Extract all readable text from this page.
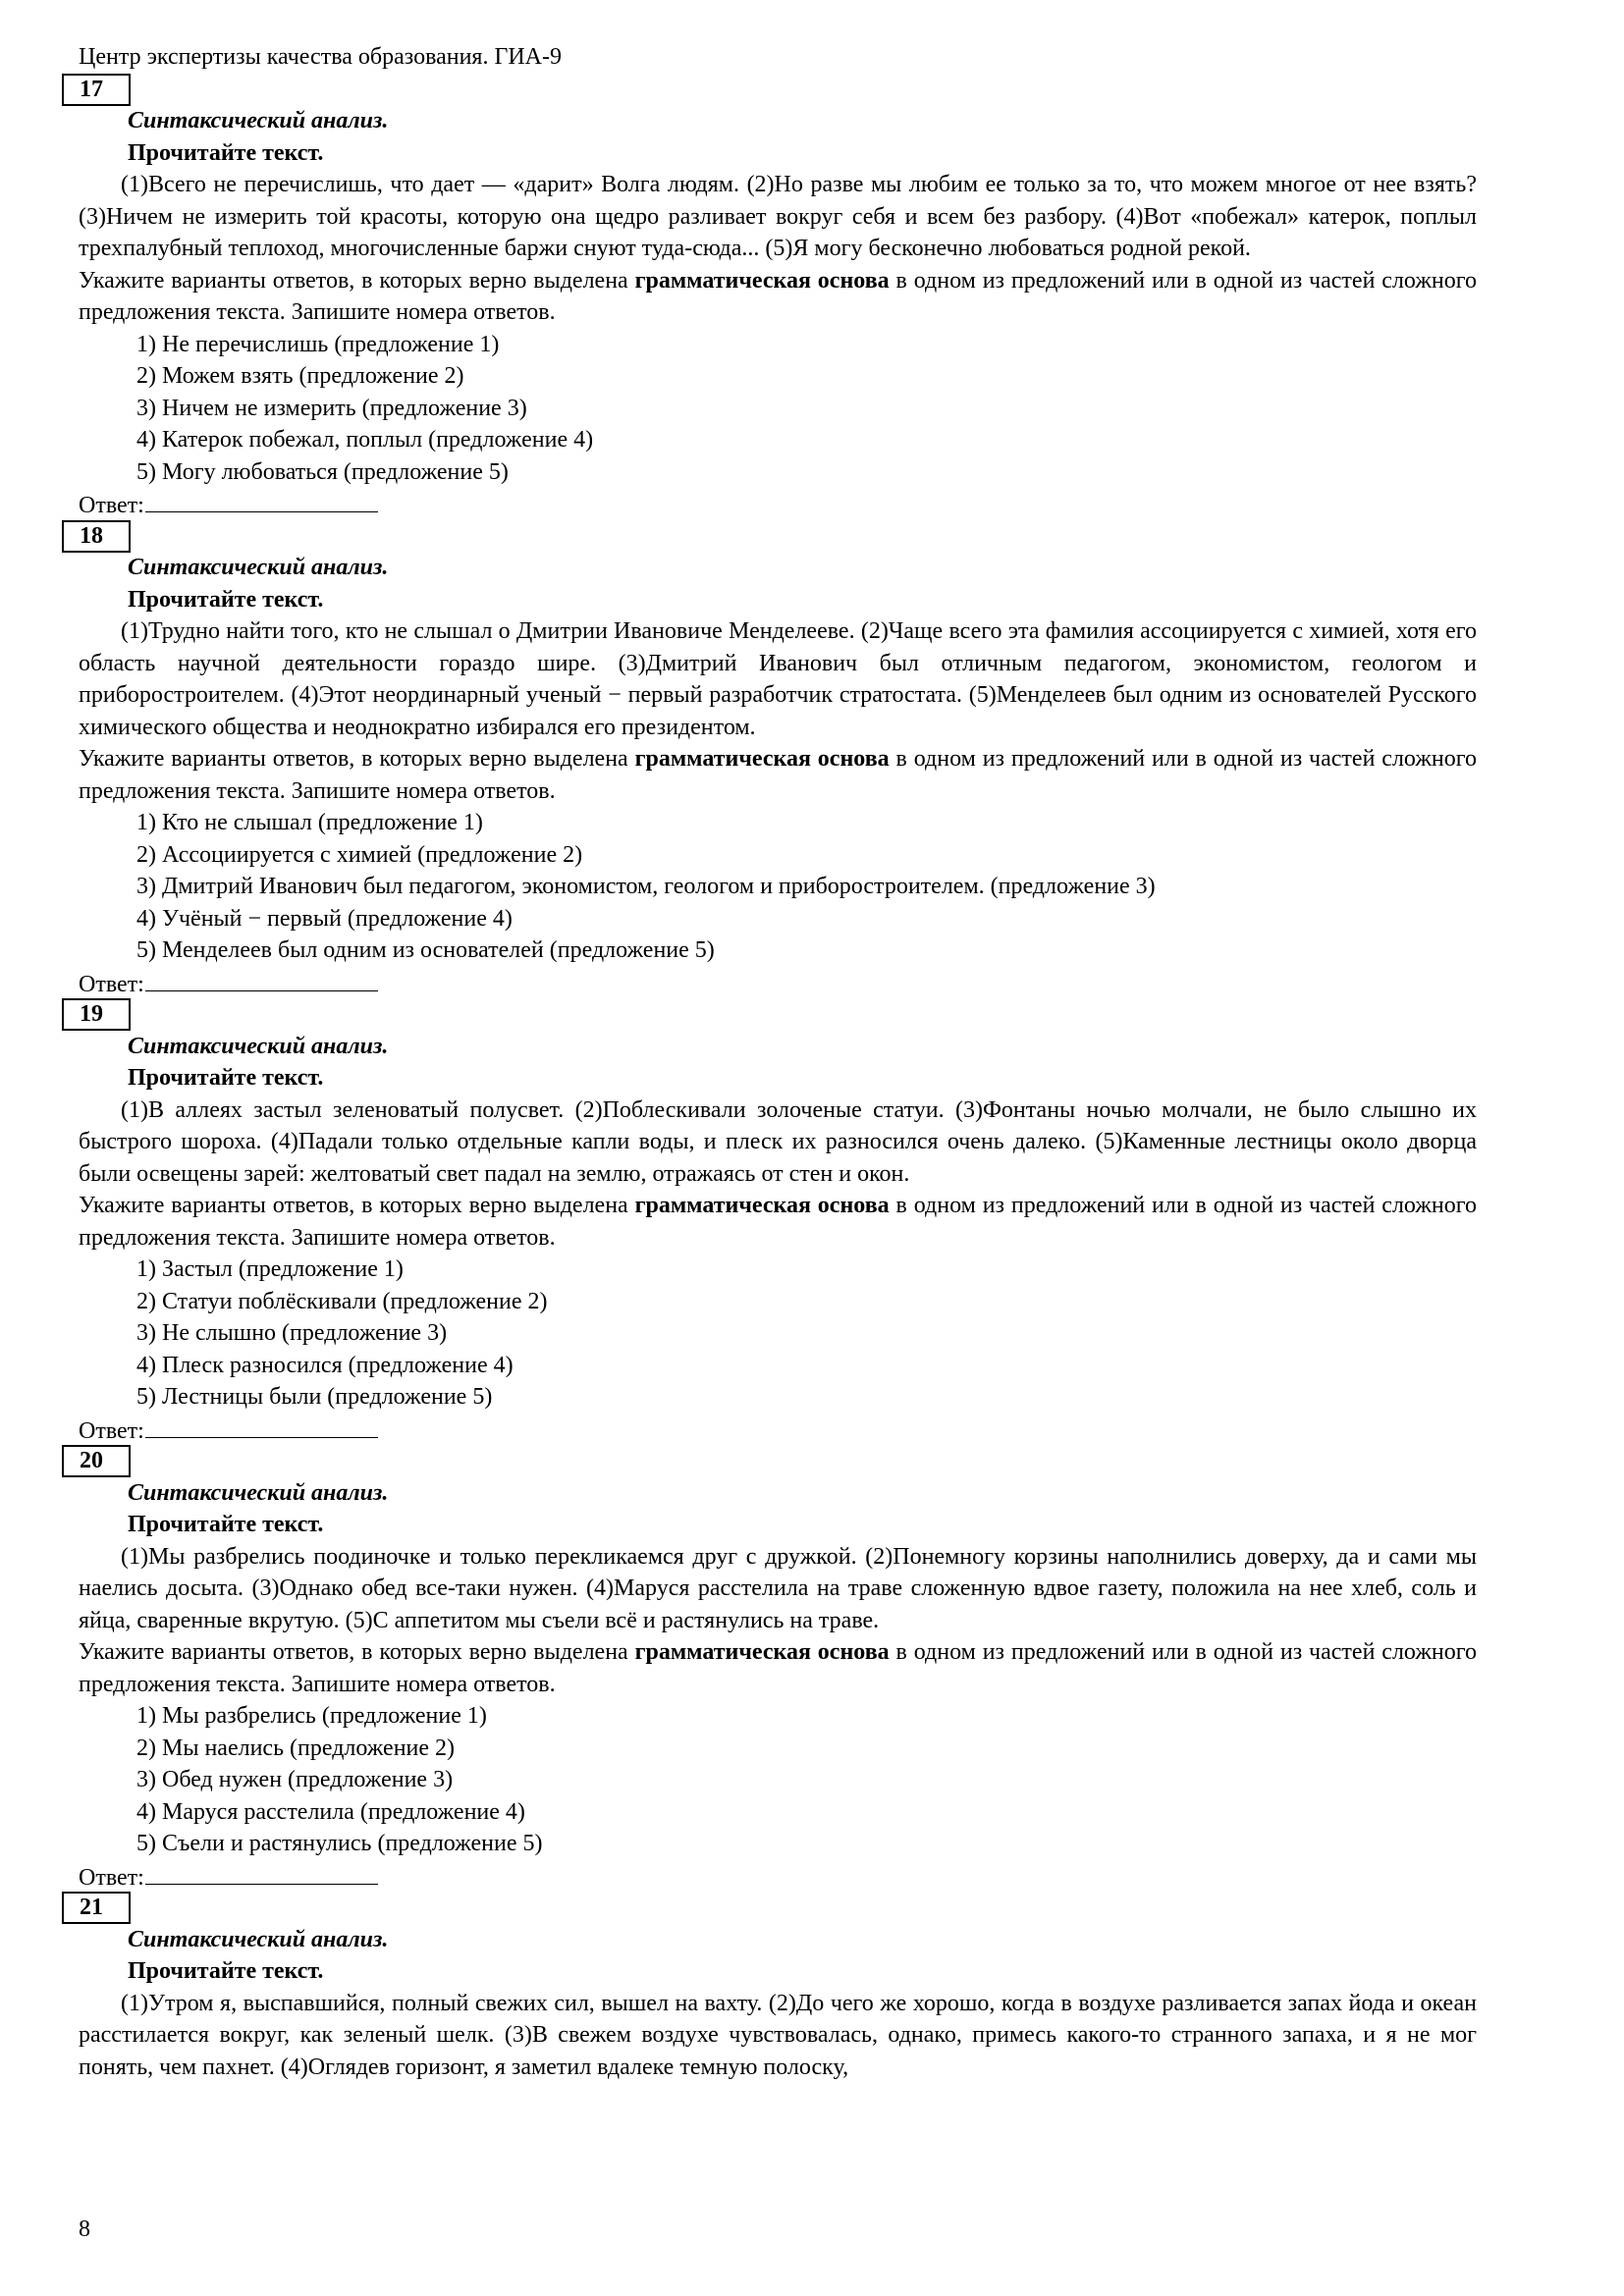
Центр экспертизы качества образования. ГИА-9
17
Синтаксический анализ.
Прочитайте текст.
(1)Всего не перечислишь, что дает — «дарит» Волга людям. (2)Но разве мы любим ее только за то, что можем многое от нее взять? (3)Ничем не измерить той красоты, которую она щедро разливает вокруг себя и всем без разбору. (4)Вот «побежал» катерок, поплыл трехпалубный теплоход, многочисленные баржи снуют туда-сюда... (5)Я могу бесконечно любоваться родной рекой.
Укажите варианты ответов, в которых верно выделена грамматическая основа в одном из предложений или в одной из частей сложного предложения текста. Запишите номера ответов.
1) Не перечислишь (предложение 1)
2) Можем взять (предложение 2)
3) Ничем не измерить (предложение 3)
4) Катерок побежал, поплыл (предложение 4)
5) Могу любоваться (предложение 5)
Ответ:
18
Синтаксический анализ.
Прочитайте текст.
(1)Трудно найти того, кто не слышал о Дмитрии Ивановиче Менделееве. (2)Чаще всего эта фамилия ассоциируется с химией, хотя его область научной деятельности гораздо шире. (3)Дмитрий Иванович был отличным педагогом, экономистом, геологом и приборостроителем. (4)Этот неординарный ученый − первый разработчик стратостата. (5)Менделеев был одним из основателей Русского химического общества и неоднократно избирался его президентом.
Укажите варианты ответов, в которых верно выделена грамматическая основа в одном из предложений или в одной из частей сложного предложения текста. Запишите номера ответов.
1) Кто не слышал (предложение 1)
2) Ассоциируется с химией (предложение 2)
3) Дмитрий Иванович был педагогом, экономистом, геологом и приборостроителем. (предложение 3)
4) Учёный − первый (предложение 4)
5) Менделеев был одним из основателей (предложение 5)
Ответ:
19
Синтаксический анализ.
Прочитайте текст.
(1)В аллеях застыл зеленоватый полусвет. (2)Поблескивали золоченые статуи. (3)Фонтаны ночью молчали, не было слышно их быстрого шороха. (4)Падали только отдельные капли воды, и плеск их разносился очень далеко. (5)Каменные лестницы около дворца были освещены зарей: желтоватый свет падал на землю, отражаясь от стен и окон.
Укажите варианты ответов, в которых верно выделена грамматическая основа в одном из предложений или в одной из частей сложного предложения текста. Запишите номера ответов.
1) Застыл (предложение 1)
2) Статуи поблёскивали (предложение 2)
3) Не слышно (предложение 3)
4) Плеск разносился (предложение 4)
5) Лестницы были (предложение 5)
Ответ:
20
Синтаксический анализ.
Прочитайте текст.
(1)Мы разбрелись поодиночке и только перекликаемся друг с дружкой. (2)Понемногу корзины наполнились доверху, да и сами мы наелись досыта. (3)Однако обед все-таки нужен. (4)Маруся расстелила на траве сложенную вдвое газету, положила на нее хлеб, соль и яйца, сваренные вкрутую. (5)С аппетитом мы съели всё и растянулись на траве.
Укажите варианты ответов, в которых верно выделена грамматическая основа в одном из предложений или в одной из частей сложного предложения текста. Запишите номера ответов.
1) Мы разбрелись (предложение 1)
2) Мы наелись (предложение 2)
3) Обед нужен (предложение 3)
4) Маруся расстелила (предложение 4)
5) Съели и растянулись (предложение 5)
Ответ:
21
Синтаксический анализ.
Прочитайте текст.
(1)Утром я, выспавшийся, полный свежих сил, вышел на вахту. (2)До чего же хорошо, когда в воздухе разливается запах йода и океан расстилается вокруг, как зеленый шелк. (3)В свежем воздухе чувствовалась, однако, примесь какого-то странного запаха, и я не мог понять, чем пахнет. (4)Оглядев горизонт, я заметил вдалеке темную полоску,
8
